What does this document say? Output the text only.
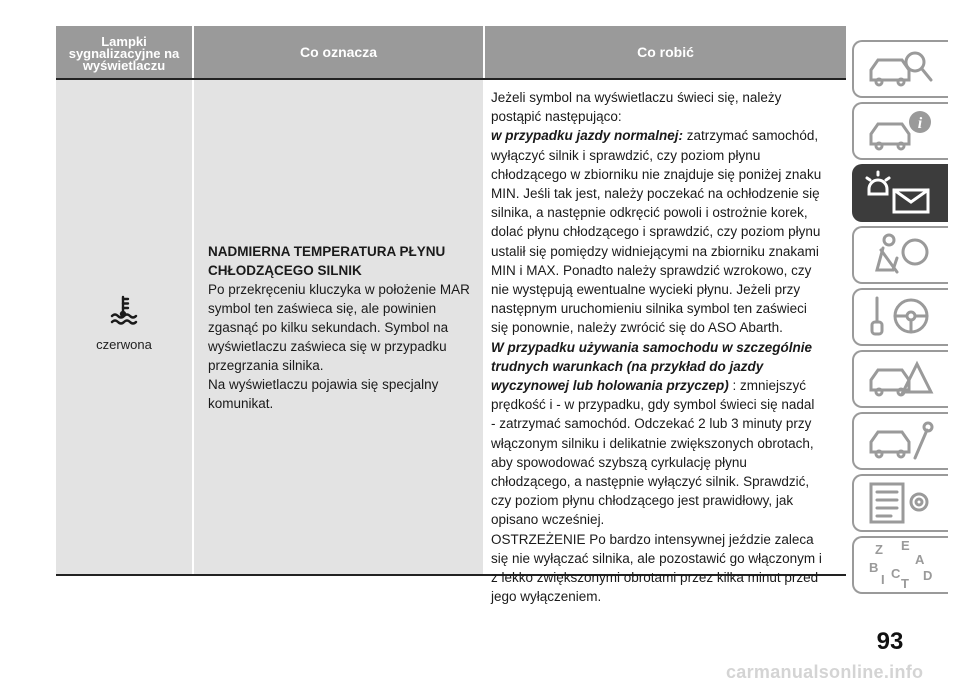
Lampki
sygnalizacyjne na
wyświetlaczu
Co oznacza	Co robić
czerwona
NADMIERNA TEMPERATURA PŁYNU
CHŁODZĄCEGO SILNIK
Po przekręceniu kluczyka w położenie MAR
symbol ten zaświeca się, ale powinien
zgasnąć po kilku sekundach. Symbol na
wyświetlaczu zaświeca się w przypadku
przegrzania silnika.
Na wyświetlaczu pojawia się specjalny
komunikat.

Jeżeli symbol na wyświetlaczu świeci się, należy

postąpić następująco:

w przypadku jazdy normalnej: zatrzymać samochód,

wyłączyć silnik i sprawdzić, czy poziom płynu

chłodzącego w zbiorniku nie znajduje się poniżej znaku

MIN. Jeśli tak jest, należy poczekać na ochłodzenie się

silnika, a następnie odkręcić powoli i ostrożnie korek,

dolać płynu chłodzącego i sprawdzić, czy poziom płynu

ustalił się pomiędzy widniejącymi na zbiorniku znakami

MIN i MAX. Ponadto należy sprawdzić wzrokowo, czy

nie występują ewentualne wycieki płynu. Jeżeli przy

następnym uruchomieniu silnika symbol ten zaświeci

się ponownie, należy zwrócić się do ASO Abarth.

W przypadku używania samochodu w szczególnie

trudnych warunkach (na przykład do jazdy

wyczynowej lub holowania przyczep) : zmniejszyć

prędkość i - w przypadku, gdy symbol świeci się nadal

- zatrzymać samochód. Odczekać 2 lub 3 minuty przy

włączonym silniku i delikatnie zwiększonych obrotach,

aby spowodować szybszą cyrkulację płynu

chłodzącego, a następnie wyłączyć silnik. Sprawdzić,

czy poziom płynu chłodzącego jest prawidłowy, jak

opisano wcześniej.

OSTRZEŻENIE Po bardzo intensywnej jeździe zaleca

się nie wyłączać silnika, ale pozostawić go włączonym i

z lekko zwiększonymi obrotami przez kilka minut przed

jego wyłączeniem.

i
Z E
A
B C D
I T
93
carmanualsonline.info
